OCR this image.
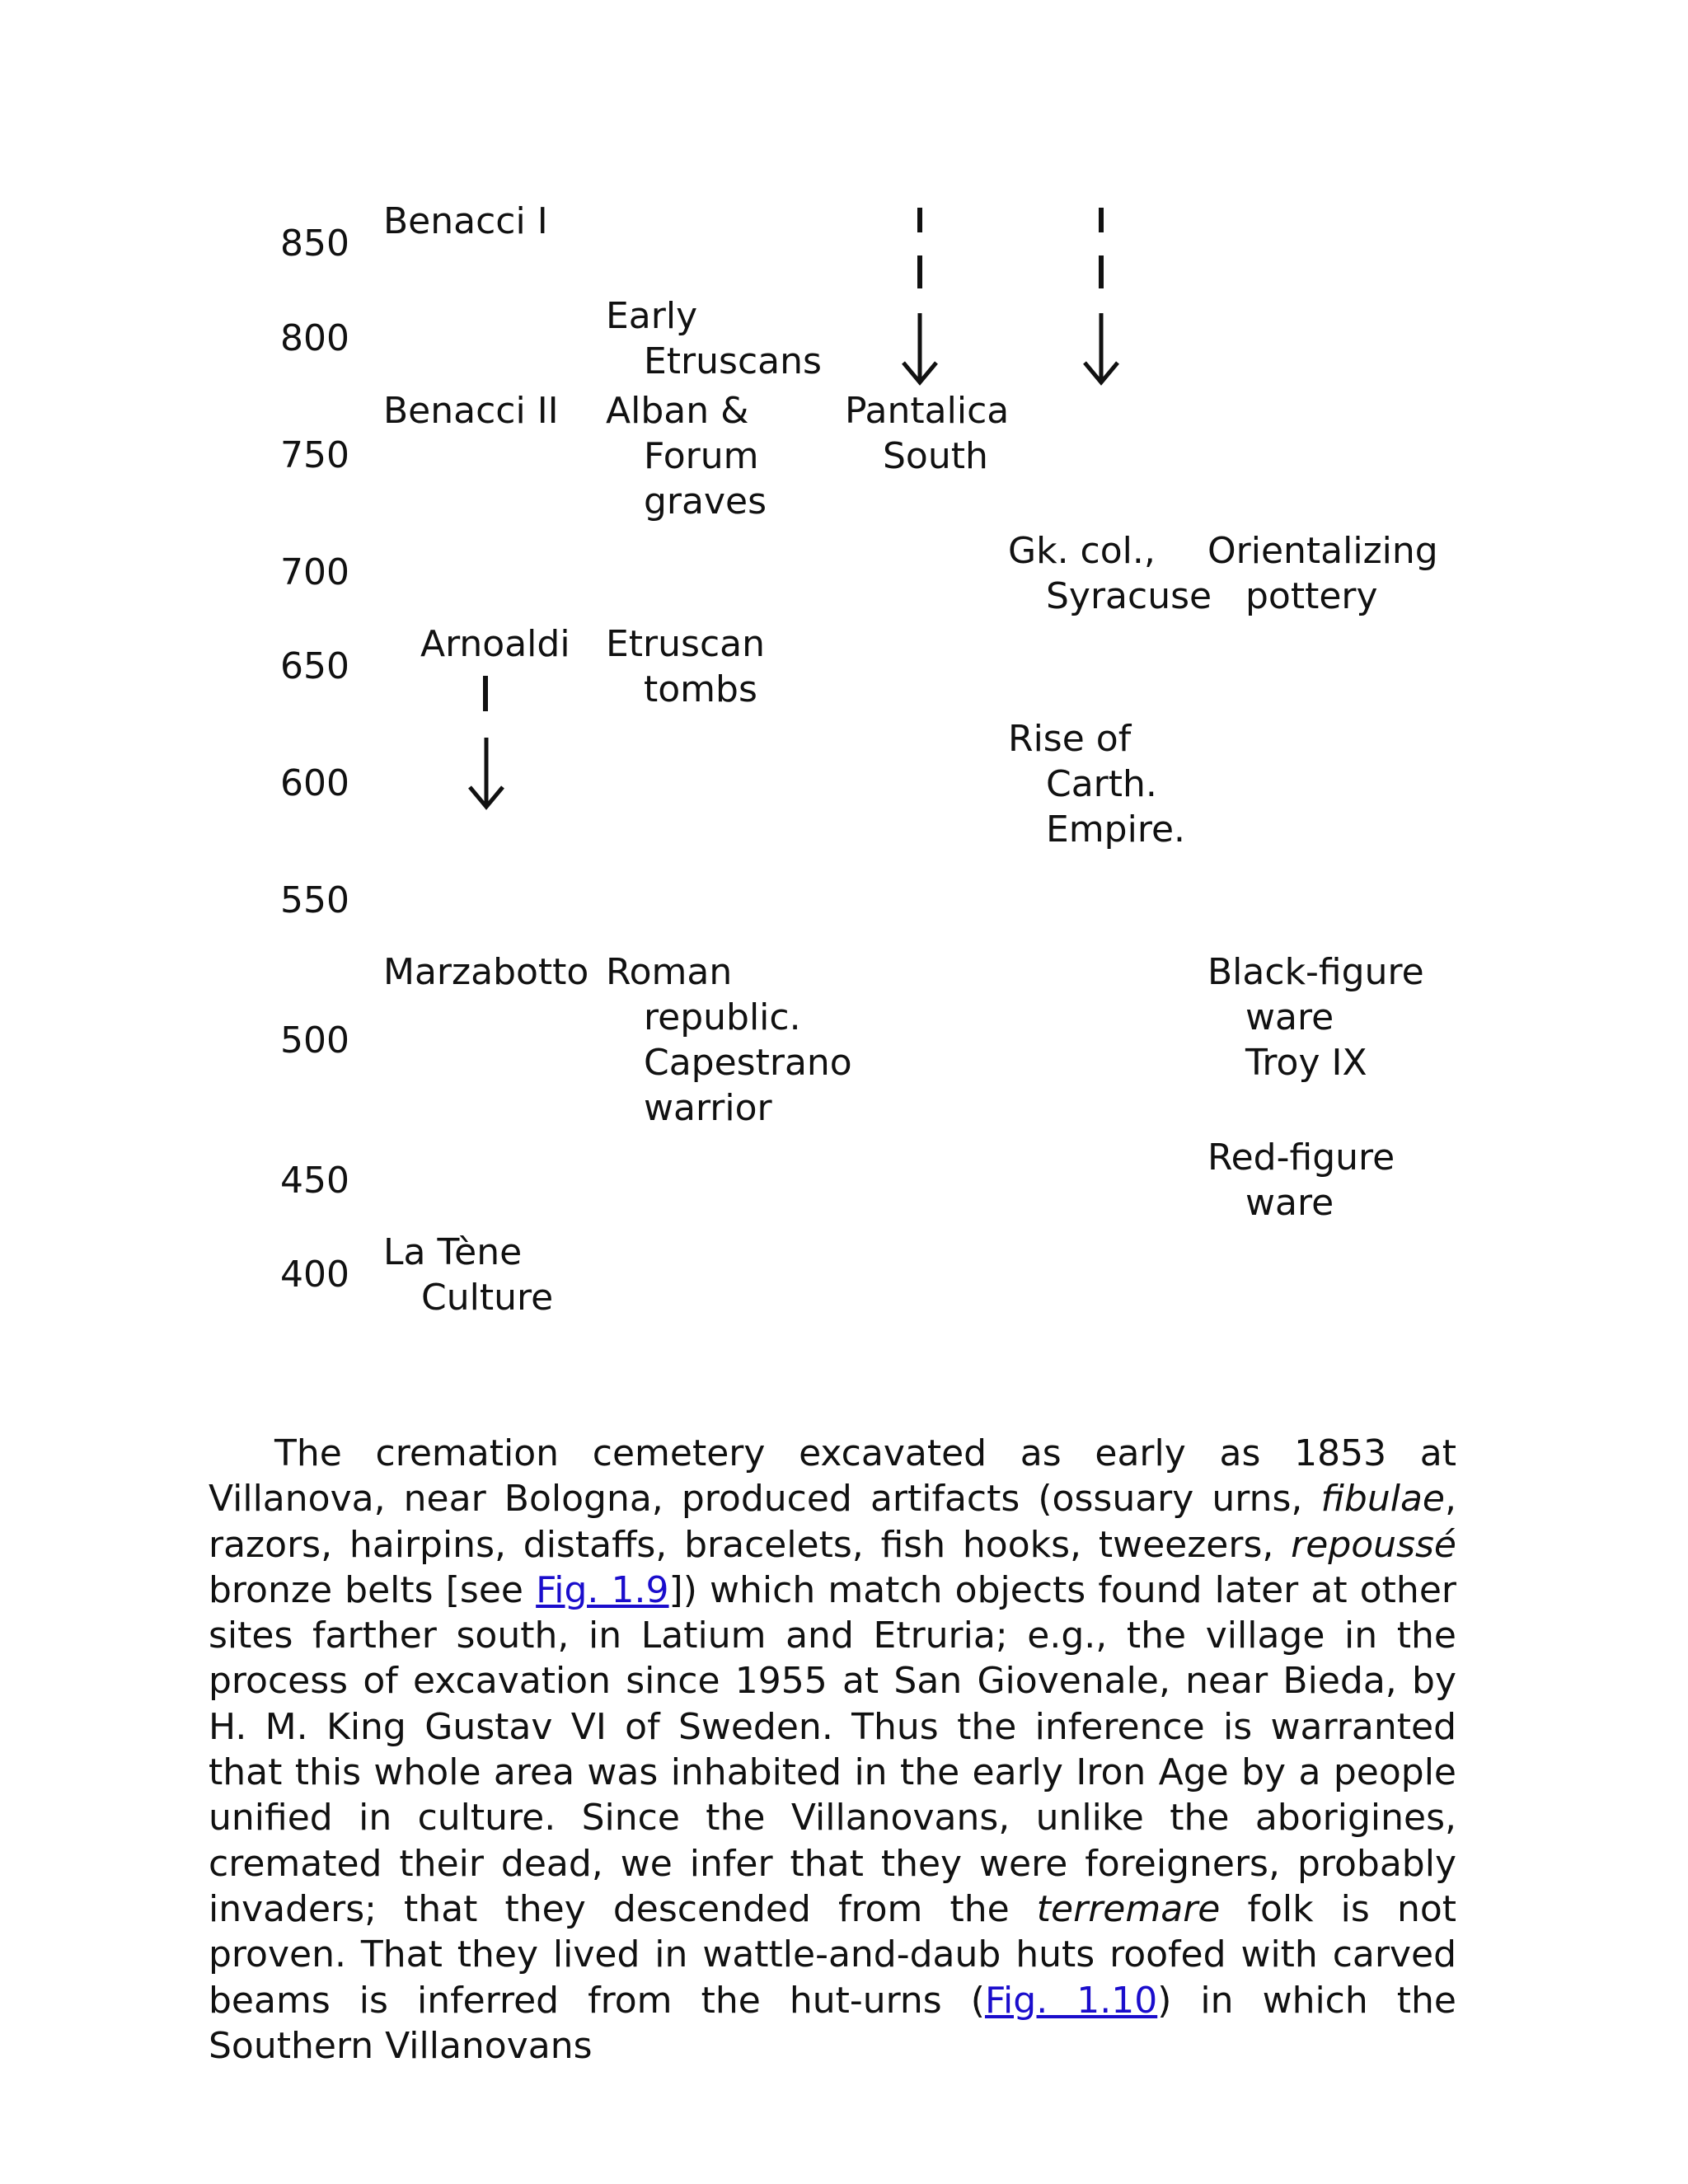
850
800
750
700
650
600
550
500
450
400
Benacci I
Benacci II
Arnoaldi
Marzabotto
La Tène
Culture
Early
Etruscans
Alban &
Forum
graves
Etruscan
tombs
Roman
republic.
Capestrano
warrior
Pantalica
South
Gk. col.,
Syracuse
Rise of
Carth.
Empire.
Orientalizing
pottery
Black-figure
ware
Troy IX
Red-figure
ware

The cremation cemetery excavated as early as 1853 at Villanova, near Bologna, produced artifacts (ossuary urns, fibulae, razors, hairpins, distaffs, bracelets, fish hooks, tweezers, repoussé bronze belts [see Fig. 1.9]) which match objects found later at other sites farther south, in Latium and Etruria; e.g., the village in the process of excavation since 1955 at San Giovenale, near Bieda, by H. M. King Gustav VI of Sweden. Thus the inference is warranted that this whole area was inhabited in the early Iron Age by a people unified in culture. Since the Villanovans, unlike the aborigines, cremated their dead, we infer that they were foreigners, probably invaders; that they descended from the terremare folk is not proven. That they lived in wattle-and-daub huts roofed with carved beams is inferred from the hut-urns (Fig. 1.10) in which the Southern Villanovans
